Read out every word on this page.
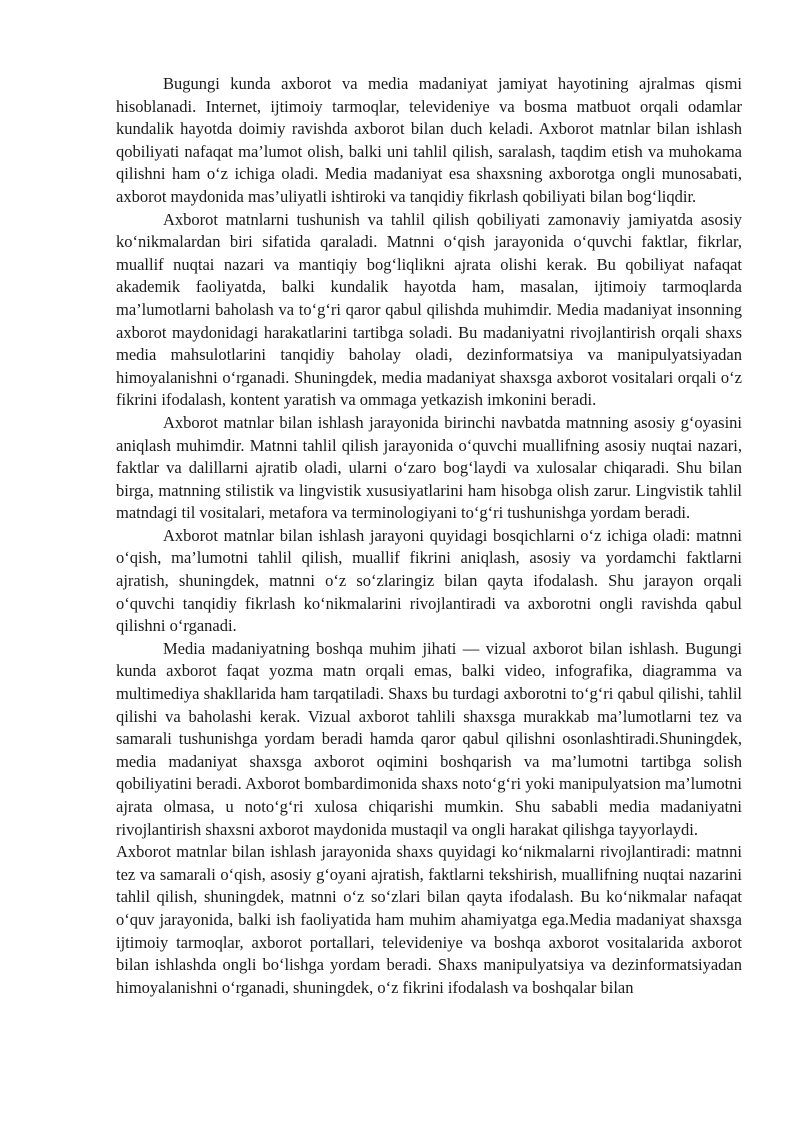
Bugungi kunda axborot va media madaniyat jamiyat hayotining ajralmas qismi hisoblanadi. Internet, ijtimoiy tarmoqlar, televideniye va bosma matbuot orqali odamlar kundalik hayotda doimiy ravishda axborot bilan duch keladi. Axborot matnlar bilan ishlash qobiliyati nafaqat ma’lumot olish, balki uni tahlil qilish, saralash, taqdim etish va muhokama qilishni ham o‘z ichiga oladi. Media madaniyat esa shaxsning axborotga ongli munosabati, axborot maydonida mas’uliyatli ishtiroki va tanqidiy fikrlash qobiliyati bilan bog‘liqdir.

Axborot matnlarni tushunish va tahlil qilish qobiliyati zamonaviy jamiyatda asosiy ko‘nikmalardan biri sifatida qaraladi. Matnni o‘qish jarayonida o‘quvchi faktlar, fikrlar, muallif nuqtai nazari va mantiqiy bog‘liqlikni ajrata olishi kerak. Bu qobiliyat nafaqat akademik faoliyatda, balki kundalik hayotda ham, masalan, ijtimoiy tarmoqlarda ma’lumotlarni baholash va to‘g‘ri qaror qabul qilishda muhimdir. Media madaniyat insonning axborot maydonidagi harakatlarini tartibga soladi. Bu madaniyatni rivojlantirish orqali shaxs media mahsulotlarini tanqidiy baholay oladi, dezinformatsiya va manipulyatsiyadan himoyalanishni o‘rganadi. Shuningdek, media madaniyat shaxsga axborot vositalari orqali o‘z fikrini ifodalash, kontent yaratish va ommaga yetkazish imkonini beradi.

Axborot matnlar bilan ishlash jarayonida birinchi navbatda matnning asosiy g‘oyasini aniqlash muhimdir. Matnni tahlil qilish jarayonida o‘quvchi muallifning asosiy nuqtai nazari, faktlar va dalillarni ajratib oladi, ularni o‘zaro bog‘laydi va xulosalar chiqaradi. Shu bilan birga, matnning stilistik va lingvistik xususiyatlarini ham hisobga olish zarur. Lingvistik tahlil matndagi til vositalari, metafora va terminologiyani to‘g‘ri tushunishga yordam beradi.

Axborot matnlar bilan ishlash jarayoni quyidagi bosqichlarni o‘z ichiga oladi: matnni o‘qish, ma’lumotni tahlil qilish, muallif fikrini aniqlash, asosiy va yordamchi faktlarni ajratish, shuningdek, matnni o‘z so‘zlaringiz bilan qayta ifodalash. Shu jarayon orqali o‘quvchi tanqidiy fikrlash ko‘nikmalarini rivojlantiradi va axborotni ongli ravishda qabul qilishni o‘rganadi.

Media madaniyatning boshqa muhim jihati — vizual axborot bilan ishlash. Bugungi kunda axborot faqat yozma matn orqali emas, balki video, infografika, diagramma va multimediya shakllarida ham tarqatiladi. Shaxs bu turdagi axborotni to‘g‘ri qabul qilishi, tahlil qilishi va baholashi kerak. Vizual axborot tahlili shaxsga murakkab ma’lumotlarni tez va samarali tushunishga yordam beradi hamda qaror qabul qilishni osonlashtiradi.Shuningdek, media madaniyat shaxsga axborot oqimini boshqarish va ma’lumotni tartibga solish qobiliyatini beradi. Axborot bombardimonida shaxs noto‘g‘ri yoki manipulyatsion ma’lumotni ajrata olmasa, u noto‘g‘ri xulosa chiqarishi mumkin. Shu sababli media madaniyatni rivojlantirish shaxsni axborot maydonida mustaqil va ongli harakat qilishga tayyorlaydi.

Axborot matnlar bilan ishlash jarayonida shaxs quyidagi ko‘nikmalarni rivojlantiradi: matnni tez va samarali o‘qish, asosiy g‘oyani ajratish, faktlarni tekshirish, muallifning nuqtai nazarini tahlil qilish, shuningdek, matnni o‘z so‘zlari bilan qayta ifodalash. Bu ko‘nikmalar nafaqat o‘quv jarayonida, balki ish faoliyatida ham muhim ahamiyatga ega.Media madaniyat shaxsga ijtimoiy tarmoqlar, axborot portallari, televideniye va boshqa axborot vositalarida axborot bilan ishlashda ongli bo‘lishga yordam beradi. Shaxs manipulyatsiya va dezinformatsiyadan himoyalanishni o‘rganadi, shuningdek, o‘z fikrini ifodalash va boshqalar bilan
